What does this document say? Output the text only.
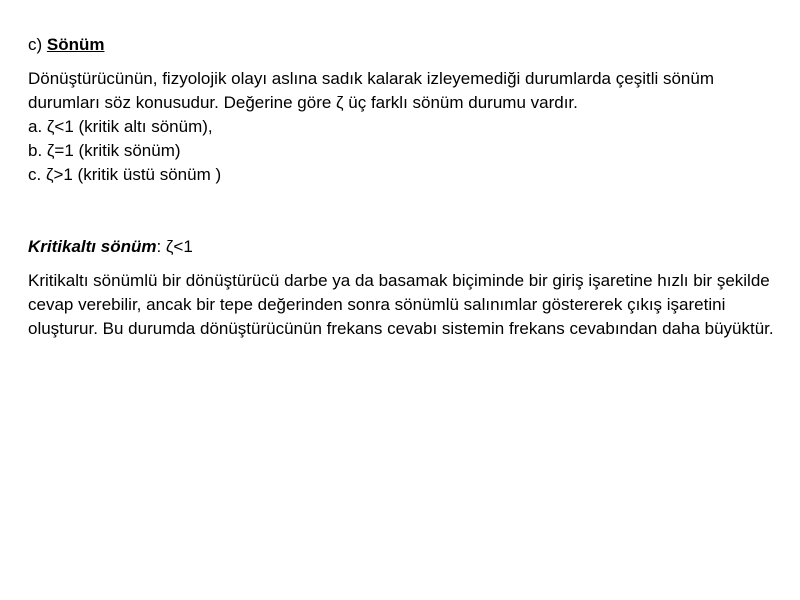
c) Sönüm

Dönüştürücünün, fizyolojik olayı aslına sadık kalarak izleyemediği durumlarda çeşitli sönüm durumları söz konusudur. Değerine göre ζ üç farklı sönüm durumu vardır.

a. ζ<1 (kritik altı sönüm),
b. ζ=1 (kritik sönüm)
c. ζ>1 (kritik üstü sönüm )

Kritikaltı sönüm: ζ<1

Kritikaltı sönümlü bir dönüştürücü darbe ya da basamak biçiminde bir giriş işaretine hızlı bir şekilde cevap verebilir, ancak bir tepe değerinden sonra sönümlü salınımlar göstererek çıkış işaretini oluşturur. Bu durumda dönüştürücünün frekans cevabı sistemin frekans cevabından daha büyüktür.
